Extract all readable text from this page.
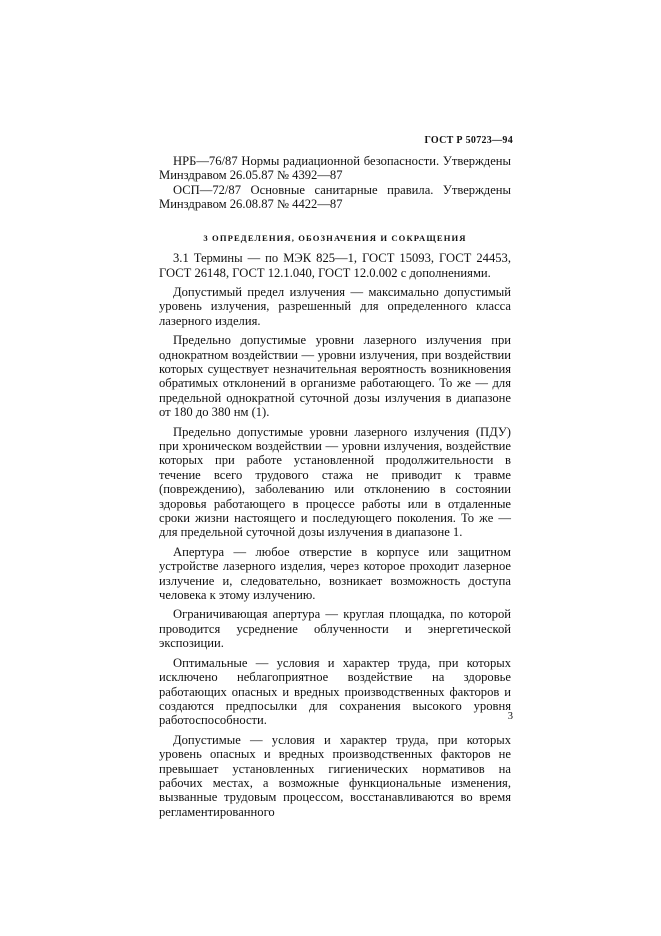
ГОСТ Р 50723—94

НРБ—76/87 Нормы радиационной безопасности. Утверждены Минздравом 26.05.87 № 4392—87

ОСП—72/87 Основные санитарные правила. Утверждены Минздравом 26.08.87 № 4422—87

3 ОПРЕДЕЛЕНИЯ, ОБОЗНАЧЕНИЯ И СОКРАЩЕНИЯ

3.1 Термины — по МЭК 825—1, ГОСТ 15093, ГОСТ 24453, ГОСТ 26148, ГОСТ 12.1.040, ГОСТ 12.0.002 с дополнениями.

Допустимый предел излучения — максимально допустимый уровень излучения, разрешенный для определенного класса лазерного изделия.

Предельно допустимые уровни лазерного излучения при однократном воздействии — уровни излучения, при воздействии которых существует незначительная вероятность возникновения обратимых отклонений в организме работающего. То же — для предельной однократной суточной дозы излучения в диапазоне от 180 до 380 нм (1).

Предельно допустимые уровни лазерного излучения (ПДУ) при хроническом воздействии — уровни излучения, воздействие которых при работе установленной продолжительности в течение всего трудового стажа не приводит к травме (повреждению), заболеванию или отклонению в состоянии здоровья работающего в процессе работы или в отдаленные сроки жизни настоящего и последующего поколения. То же — для предельной суточной дозы излучения в диапазоне 1.

Апертура — любое отверстие в корпусе или защитном устройстве лазерного изделия, через которое проходит лазерное излучение и, следовательно, возникает возможность доступа человека к этому излучению.

Ограничивающая апертура — круглая площадка, по которой проводится усреднение облученности и энергетической экспозиции.

Оптимальные — условия и характер труда, при которых исключено неблагоприятное воздействие на здоровье работающих опасных и вредных производственных факторов и создаются предпосылки для сохранения высокого уровня работоспособности.

Допустимые — условия и характер труда, при которых уровень опасных и вредных производственных факторов не превышает установленных гигиенических нормативов на рабочих местах, а возможные функциональные изменения, вызванные трудовым процессом, восстанавливаются во время регламентированного

3
